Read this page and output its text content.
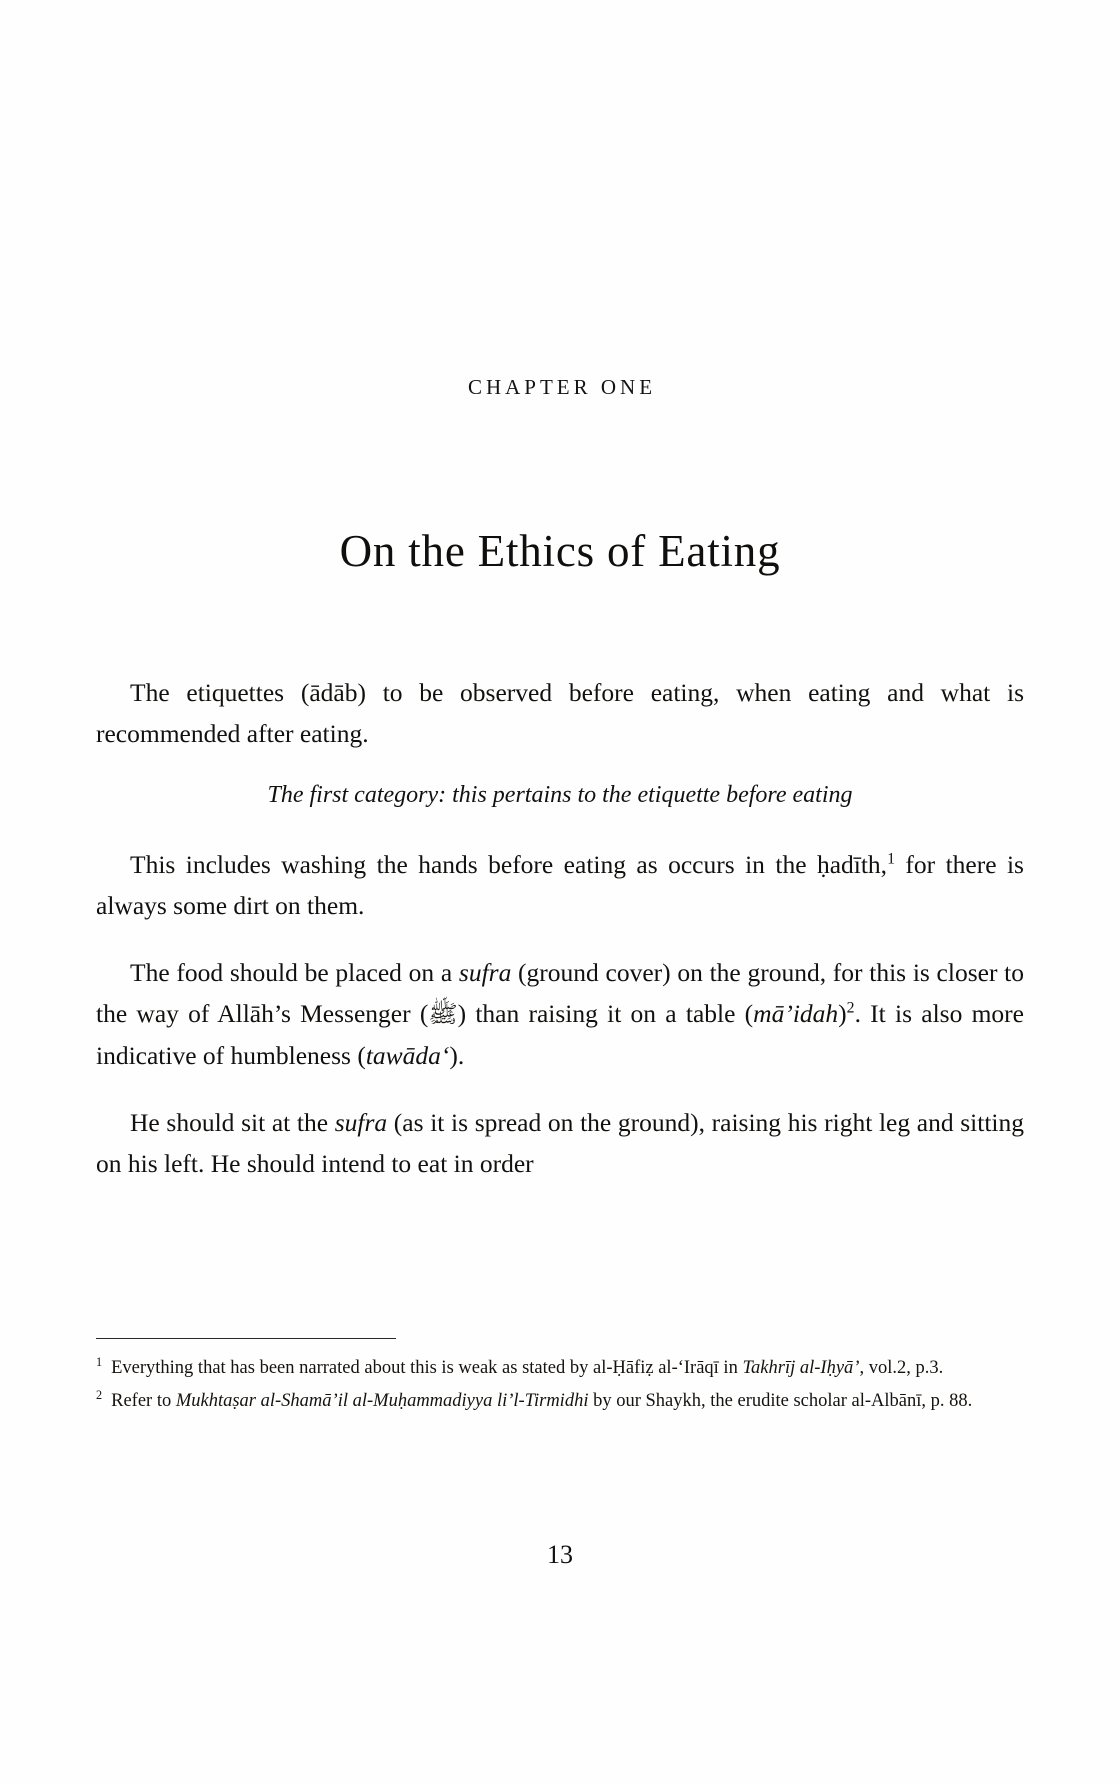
CHAPTER ONE
On the Ethics of Eating

The etiquettes (ādāb) to be observed before eating, when eating and what is recommended after eating.

The first category: this pertains to the etiquette before eating

This includes washing the hands before eating as occurs in the ḥadīth,$^1$ for there is always some dirt on them.

The food should be placed on a sufra (ground cover) on the ground, for this is closer to the way of Allāh’s Messenger (ﷺ) than raising it on a table (mā’idah)$^2$. It is also more indicative of humbleness (tawāda‘).

He should sit at the sufra (as it is spread on the ground), raising his right leg and sitting on his left. He should intend to eat in order

$^1$ Everything that has been narrated about this is weak as stated by al-Ḥāfiẓ al-‘Irāqī in Takhrīj al-Iḥyā’, vol.2, p.3.

$^2$ Refer to Mukhtaṣar al-Shamā’il al-Muḥammadiyya li’l-Tirmidhi by our Shaykh, the erudite scholar al-Albānī, p. 88.

13
